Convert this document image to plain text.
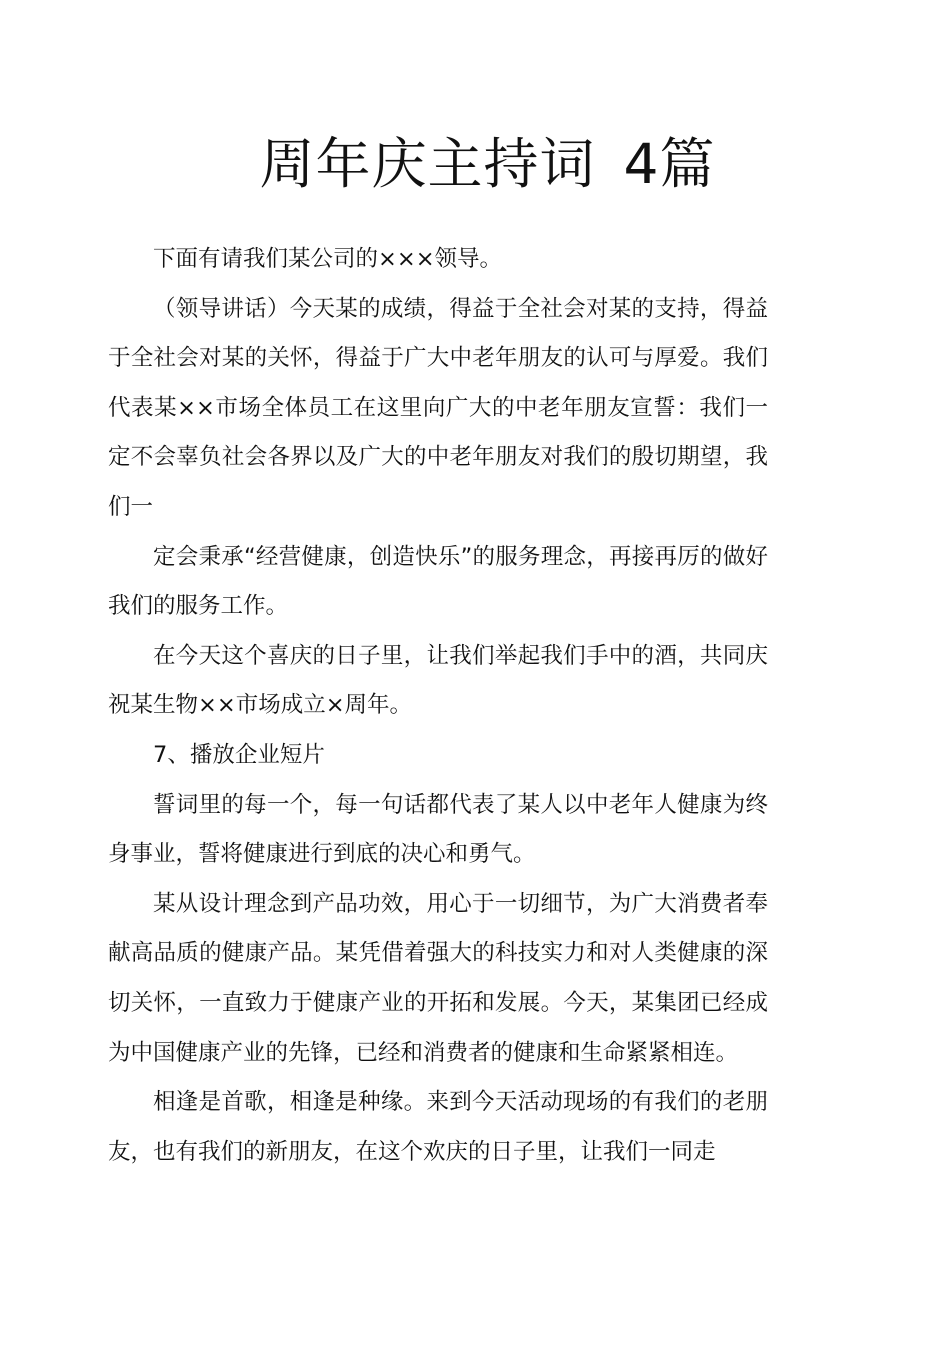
周年庆主持词 4篇

下面有请我们某公司的×××领导。

（领导讲话）今天某的成绩，得益于全社会对某的支持，得益于全社会对某的关怀，得益于广大中老年朋友的认可与厚爱。我们代表某××市场全体员工在这里向广大的中老年朋友宣誓：我们一定不会辜负社会各界以及广大的中老年朋友对我们的殷切期望，我们一

定会秉承“经营健康，创造快乐”的服务理念，再接再厉的做好我们的服务工作。

在今天这个喜庆的日子里，让我们举起我们手中的酒，共同庆祝某生物××市场成立×周年。

7、播放企业短片

誓词里的每一个，每一句话都代表了某人以中老年人健康为终身事业，誓将健康进行到底的决心和勇气。

某从设计理念到产品功效，用心于一切细节，为广大消费者奉献高品质的健康产品。某凭借着强大的科技实力和对人类健康的深切关怀，一直致力于健康产业的开拓和发展。今天，某集团已经成为中国健康产业的先锋，已经和消费者的健康和生命紧紧相连。

相逢是首歌，相逢是种缘。来到今天活动现场的有我们的老朋友，也有我们的新朋友，在这个欢庆的日子里，让我们一同走
